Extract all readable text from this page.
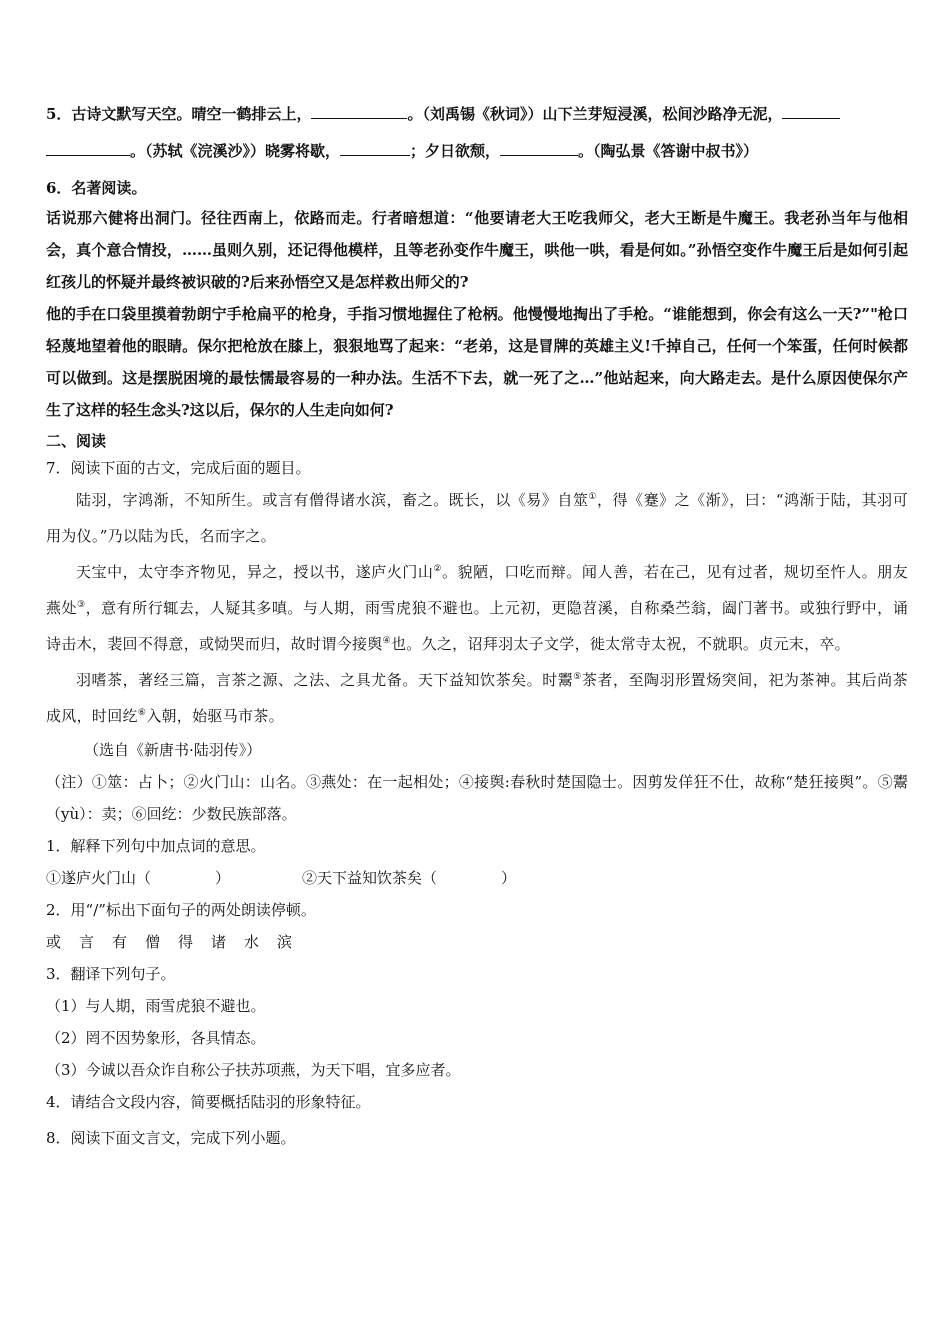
5．古诗文默写天空。晴空一鹤排云上，	。（刘禹锡《秋词》）山下兰芽短浸溪，松间沙路净无泥，
。（苏轼《浣溪沙》）晓雾将歇，	；夕日欲颓，	。（陶弘景《答谢中叔书》）

6．名著阅读。

话说那六健将出洞门。径往西南上，依路而走。行者暗想道：“他要请老大王吃我师父，老大王断是牛魔王。我老孙当年与他相会，真个意合情投，……虽则久别，还记得他模样，且等老孙变作牛魔王，哄他一哄，看是何如。”孙悟空变作牛魔王后是如何引起红孩儿的怀疑并最终被识破的?后来孙悟空又是怎样救出师父的?

他的手在口袋里摸着勃朗宁手枪扁平的枪身，手指习惯地握住了枪柄。他慢慢地掏出了手枪。“谁能想到，你会有这么一天?”"枪口轻蔑地望着他的眼睛。保尔把枪放在膝上，狠狠地骂了起来：“老弟，这是冒牌的英雄主义!千掉自己，任何一个笨蛋，任何时候都可以做到。这是摆脱困境的最怯懦最容易的一种办法。生活不下去，就一死了之…”他站起来，向大路走去。是什么原因使保尔产生了这样的轻生念头?这以后，保尔的人生走向如何?

二、阅读

7．阅读下面的古文，完成后面的题目。

陆羽，字鸿渐，不知所生。或言有僧得诸水滨，畜之。既长，以《易》自筮①，得《蹇》之《渐》，曰：“鸿渐于陆，其羽可用为仪。”乃以陆为氏，名而字之。

天宝中，太守李齐物见，异之，授以书，遂庐火门山②。貌陋，口吃而辩。闻人善，若在己，见有过者，规切至忤人。朋友燕处③，意有所行辄去，人疑其多嗔。与人期，雨雪虎狼不避也。上元初，更隐苕溪，自称桑苎翁，阖门著书。或独行野中，诵诗击木，裴回不得意，或恸哭而归，故时谓今接舆④也。久之，诏拜羽太子文学，徙太常寺太祝，不就职。贞元末，卒。

羽嗜茶，著经三篇，言茶之源、之法、之具尤备。天下益知饮茶矣。时鬻⑤茶者，至陶羽形置炀突间，祀为茶神。其后尚茶成风，时回纥⑥入朝，始驱马市茶。

（选自《新唐书·陆羽传》）

（注）①筮：占卜；②火门山：山名。③燕处：在一起相处；④接舆:春秋时楚国隐士。因剪发佯狂不仕，故称“楚狂接舆”。⑤鬻（yù）：卖；⑥回纥：少数民族部落。

1．解释下列句中加点词的意思。

①遂庐火门山（	）	②天下益知饮茶矣（	）

2．用“/”标出下面句子的两处朗读停顿。

或 言 有 僧 得 诸 水 滨

3．翻译下列句子。

（1）与人期，雨雪虎狼不避也。

（2）罔不因势象形，各具情态。

（3）今诚以吾众诈自称公子扶苏项燕，为天下唱，宜多应者。

4．请结合文段内容，简要概括陆羽的形象特征。

8．阅读下面文言文，完成下列小题。
